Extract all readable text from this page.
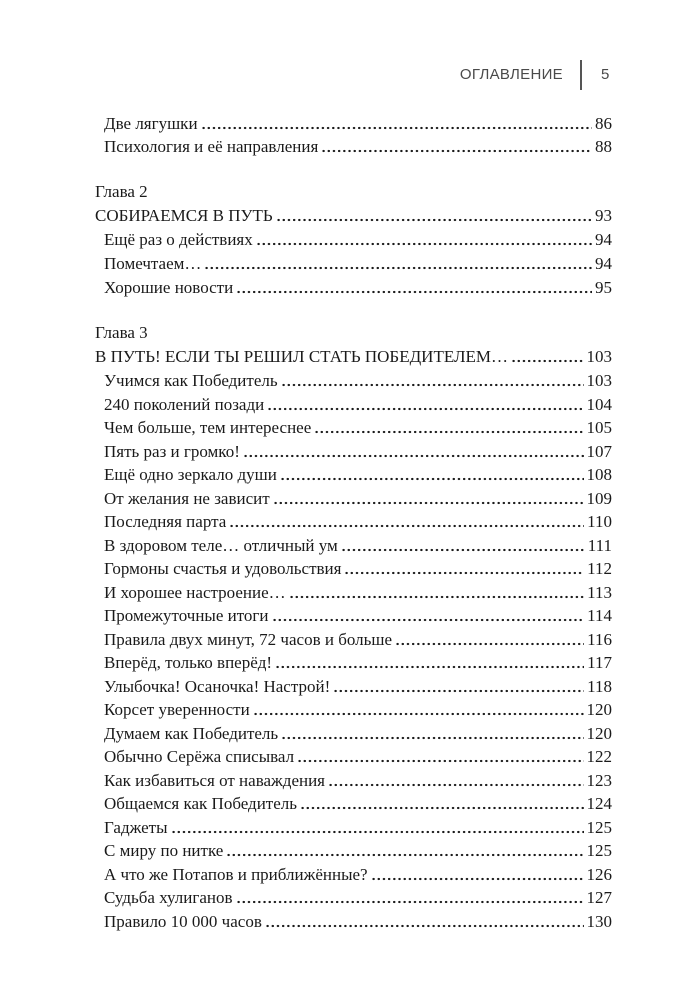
ОГЛАВЛЕНИЕ	5
Две лягушки	86
Психология и её направления	88
Глава 2
СОБИРАЕМСЯ В ПУТЬ	93
Ещё раз о действиях	94
Помечтаем…	94
Хорошие новости	95
Глава 3
В ПУТЬ! ЕСЛИ ТЫ РЕШИЛ СТАТЬ ПОБЕДИТЕЛЕМ…	103
Учимся как Победитель	103
240 поколений позади	104
Чем больше, тем интереснее	105
Пять раз и громко!	107
Ещё одно зеркало души	108
От желания не зависит	109
Последняя парта	110
В здоровом теле… отличный ум	111
Гормоны счастья и удовольствия	112
И хорошее настроение…	113
Промежуточные итоги	114
Правила двух минут, 72 часов и больше	116
Вперёд, только вперёд!	117
Улыбочка! Осаночка! Настрой!	118
Корсет уверенности	120
Думаем как Победитель	120
Обычно Серёжа списывал	122
Как избавиться от наваждения	123
Общаемся как Победитель	124
Гаджеты	125
С миру по нитке	125
А что же Потапов и приближённые?	126
Судьба хулиганов	127
Правило 10 000 часов	130
